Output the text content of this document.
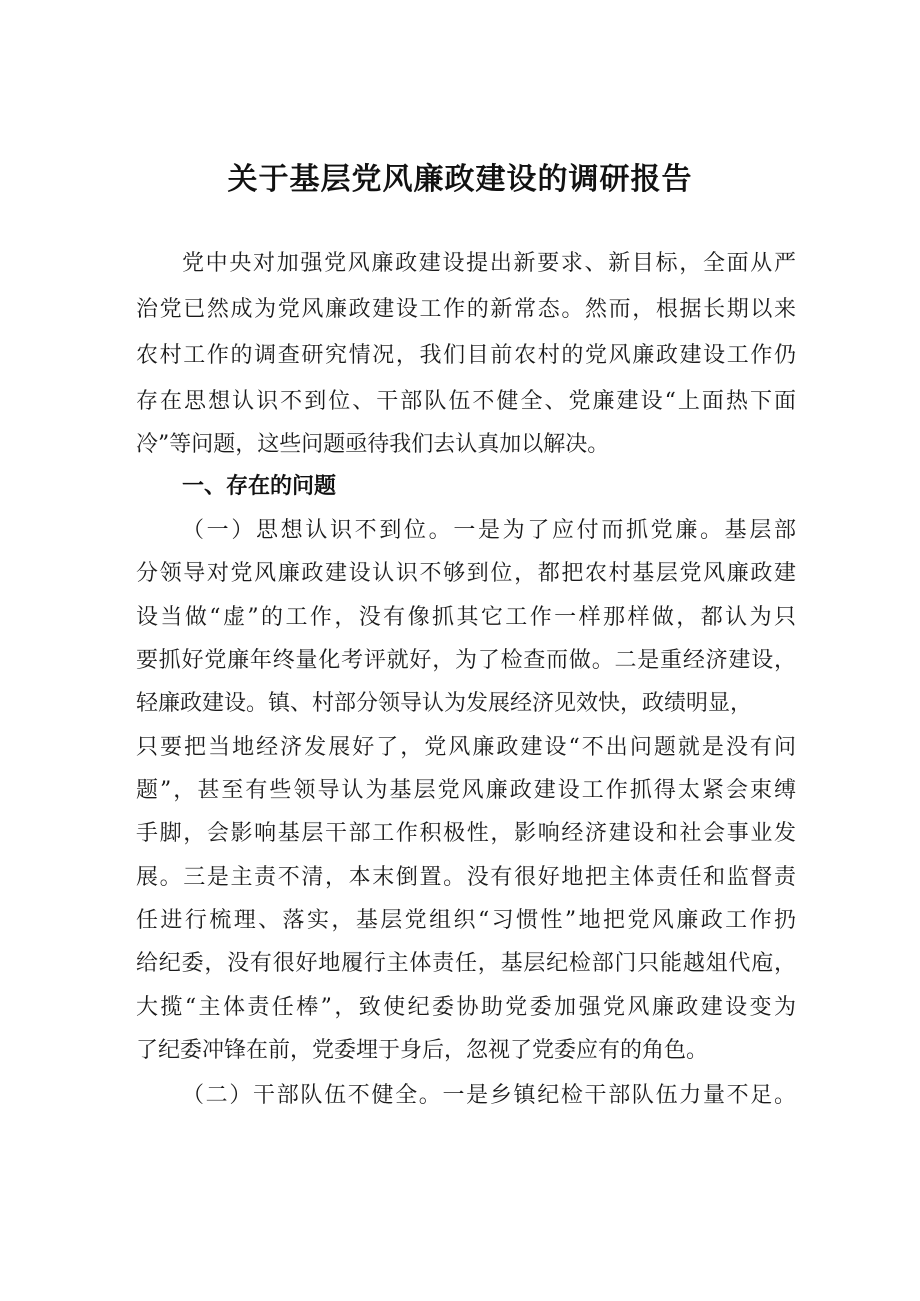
关于基层党风廉政建设的调研报告
党中央对加强党风廉政建设提出新要求、新目标，全面从严
治党已然成为党风廉政建设工作的新常态。然而，根据长期以来
农村工作的调查研究情况，我们目前农村的党风廉政建设工作仍
存在思想认识不到位、干部队伍不健全、党廉建设“上面热下面
冷”等问题，这些问题亟待我们去认真加以解决。
一、存在的问题
（一）思想认识不到位。一是为了应付而抓党廉。基层部
分领导对党风廉政建设认识不够到位，都把农村基层党风廉政建
设当做“虚”的工作，没有像抓其它工作一样那样做，都认为只
要抓好党廉年终量化考评就好，为了检查而做。二是重经济建设，
轻廉政建设。镇、村部分领导认为发展经济见效快，政绩明显，
只要把当地经济发展好了，党风廉政建设“不出问题就是没有问
题”，甚至有些领导认为基层党风廉政建设工作抓得太紧会束缚
手脚，会影响基层干部工作积极性，影响经济建设和社会事业发
展。三是主责不清，本末倒置。没有很好地把主体责任和监督责
任进行梳理、落实，基层党组织“习惯性”地把党风廉政工作扔
给纪委，没有很好地履行主体责任，基层纪检部门只能越俎代庖，
大揽“主体责任棒”，致使纪委协助党委加强党风廉政建设变为
了纪委冲锋在前，党委埋于身后，忽视了党委应有的角色。
（二）干部队伍不健全。一是乡镇纪检干部队伍力量不足。
